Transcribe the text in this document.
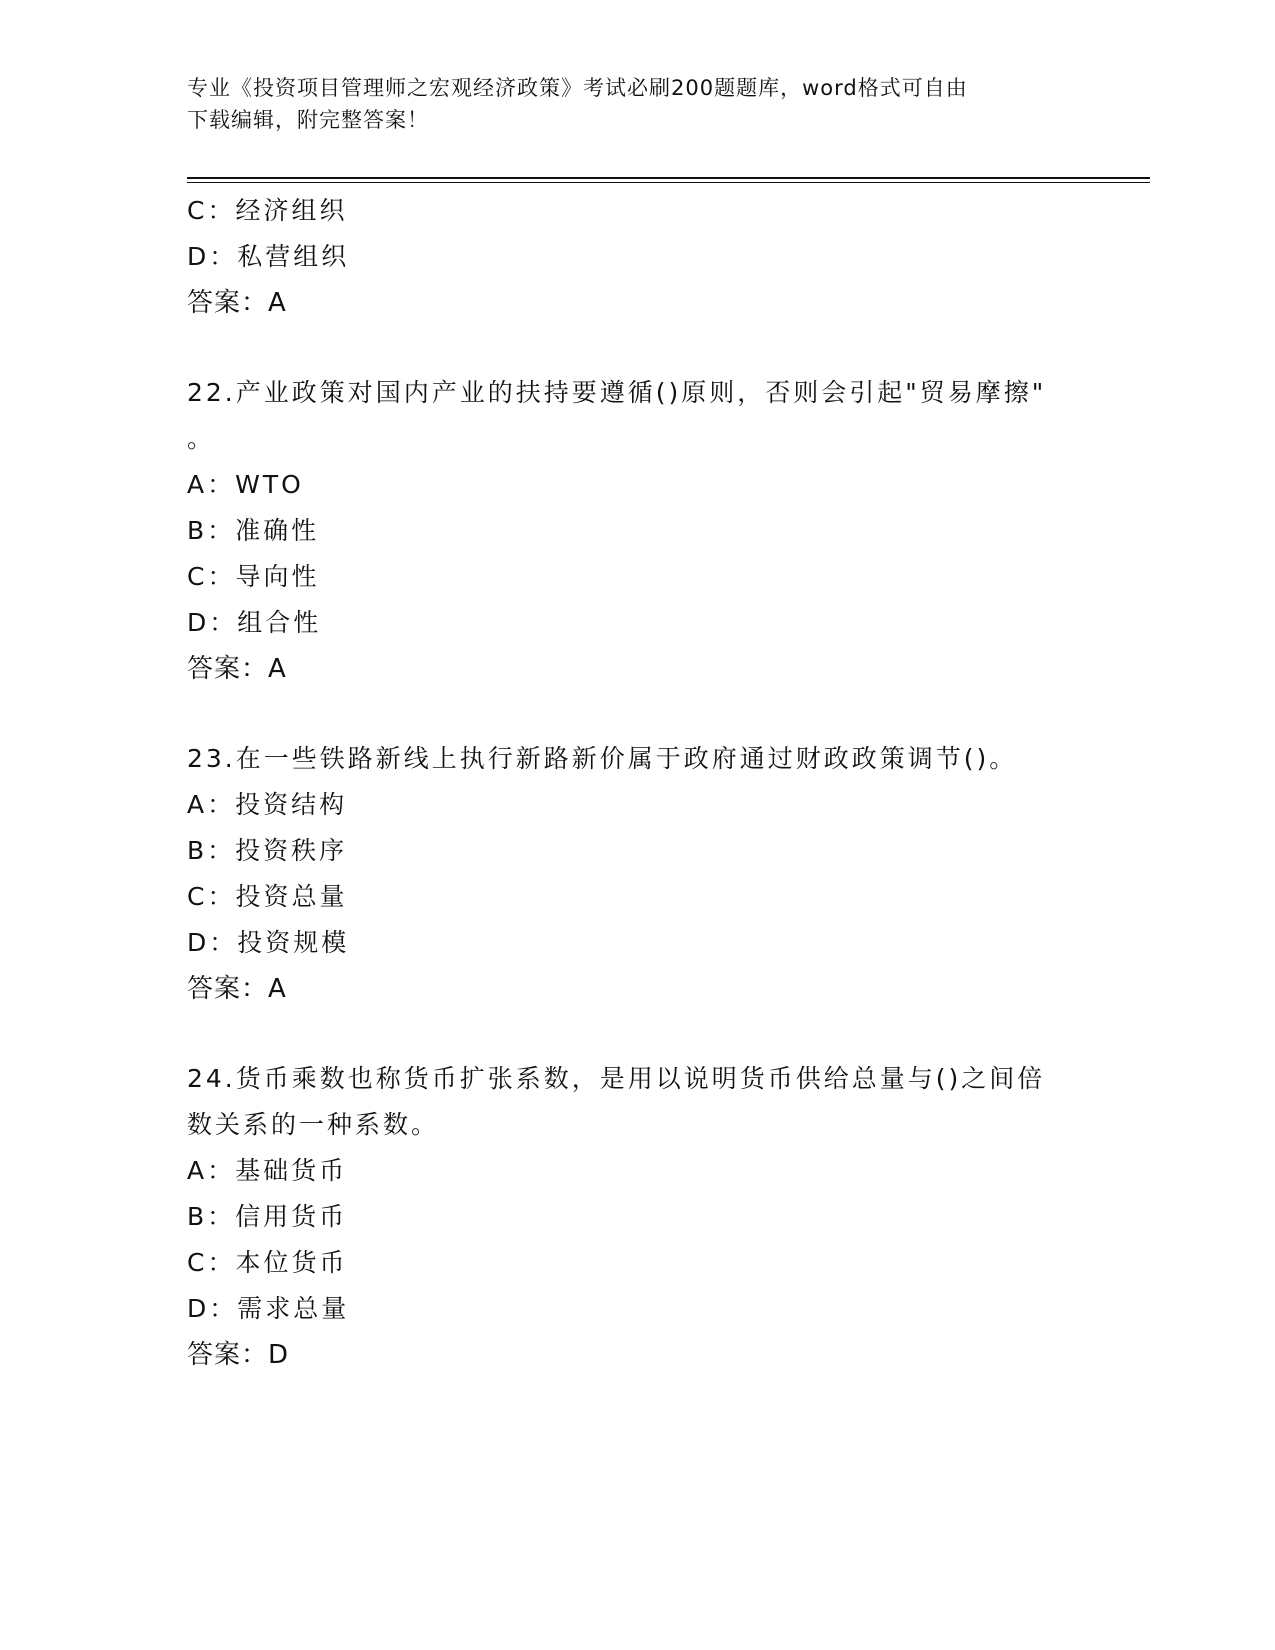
专业《投资项目管理师之宏观经济政策》考试必刷200题题库，word格式可自由
下载编辑，附完整答案！
C：经济组织
D：私营组织
答案：A
22.产业政策对国内产业的扶持要遵循()原则，否则会引起"贸易摩擦"
。
A：WTO
B：准确性
C：导向性
D：组合性
答案：A
23.在一些铁路新线上执行新路新价属于政府通过财政政策调节()。
A：投资结构
B：投资秩序
C：投资总量
D：投资规模
答案：A
24.货币乘数也称货币扩张系数，是用以说明货币供给总量与()之间倍
数关系的一种系数。
A：基础货币
B：信用货币
C：本位货币
D：需求总量
答案：D
